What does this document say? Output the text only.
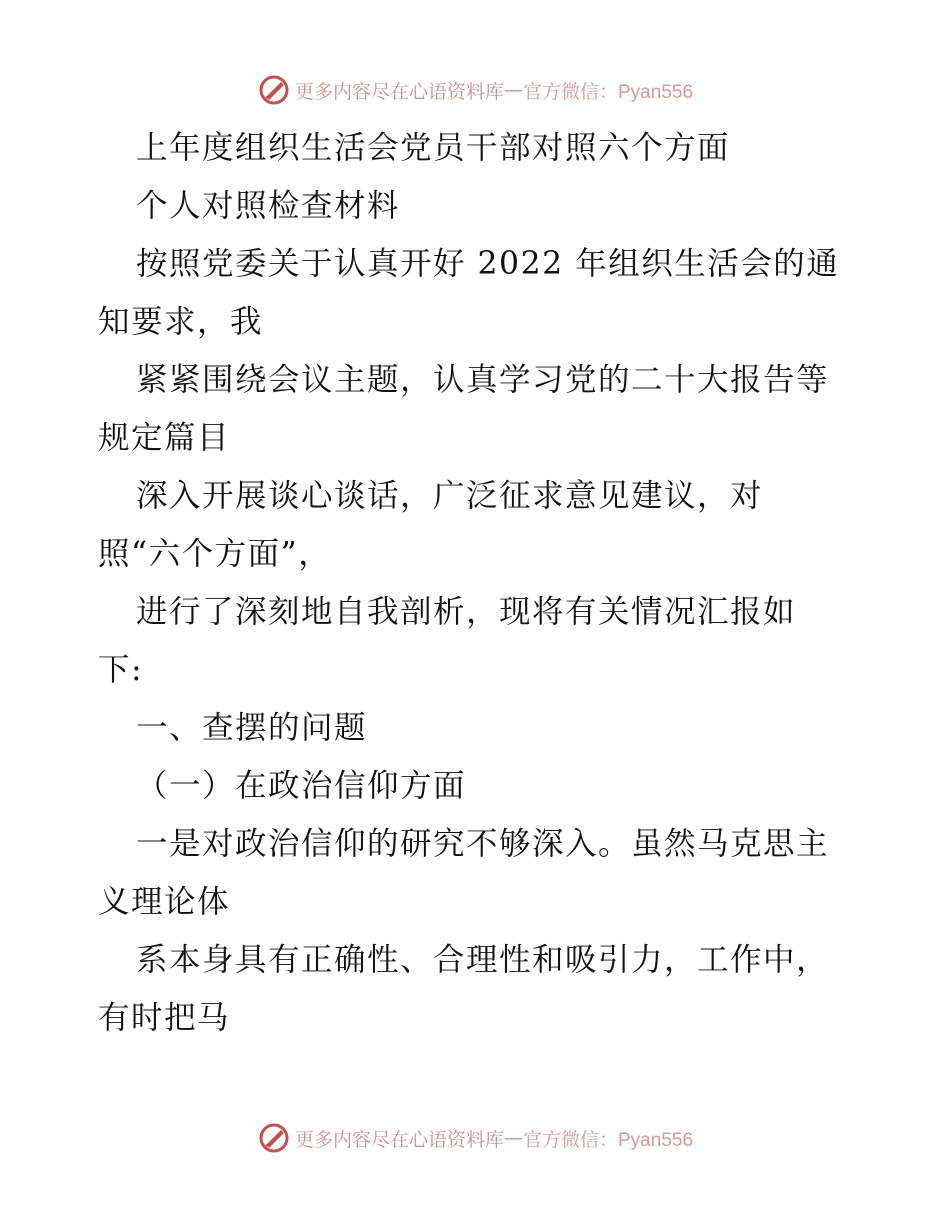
更多内容尽在心语资料库 — 官方微信：Pyan556
上年度组织生活会党员干部对照六个方面
个人对照检查材料
按照党委关于认真开好 2022 年组织生活会的通
知要求，我
紧紧围绕会议主题，认真学习党的二十大报告等
规定篇目
深入开展谈心谈话，广泛征求意见建议，对
照“六个方面”，
进行了深刻地自我剖析，现将有关情况汇报如
下:
一、查摆的问题
（一）在政治信仰方面
一是对政治信仰的研究不够深入。虽然马克思主
义理论体
系本身具有正确性、合理性和吸引力，工作中，
有时把马
更多内容尽在心语资料库 — 官方微信：Pyan556
